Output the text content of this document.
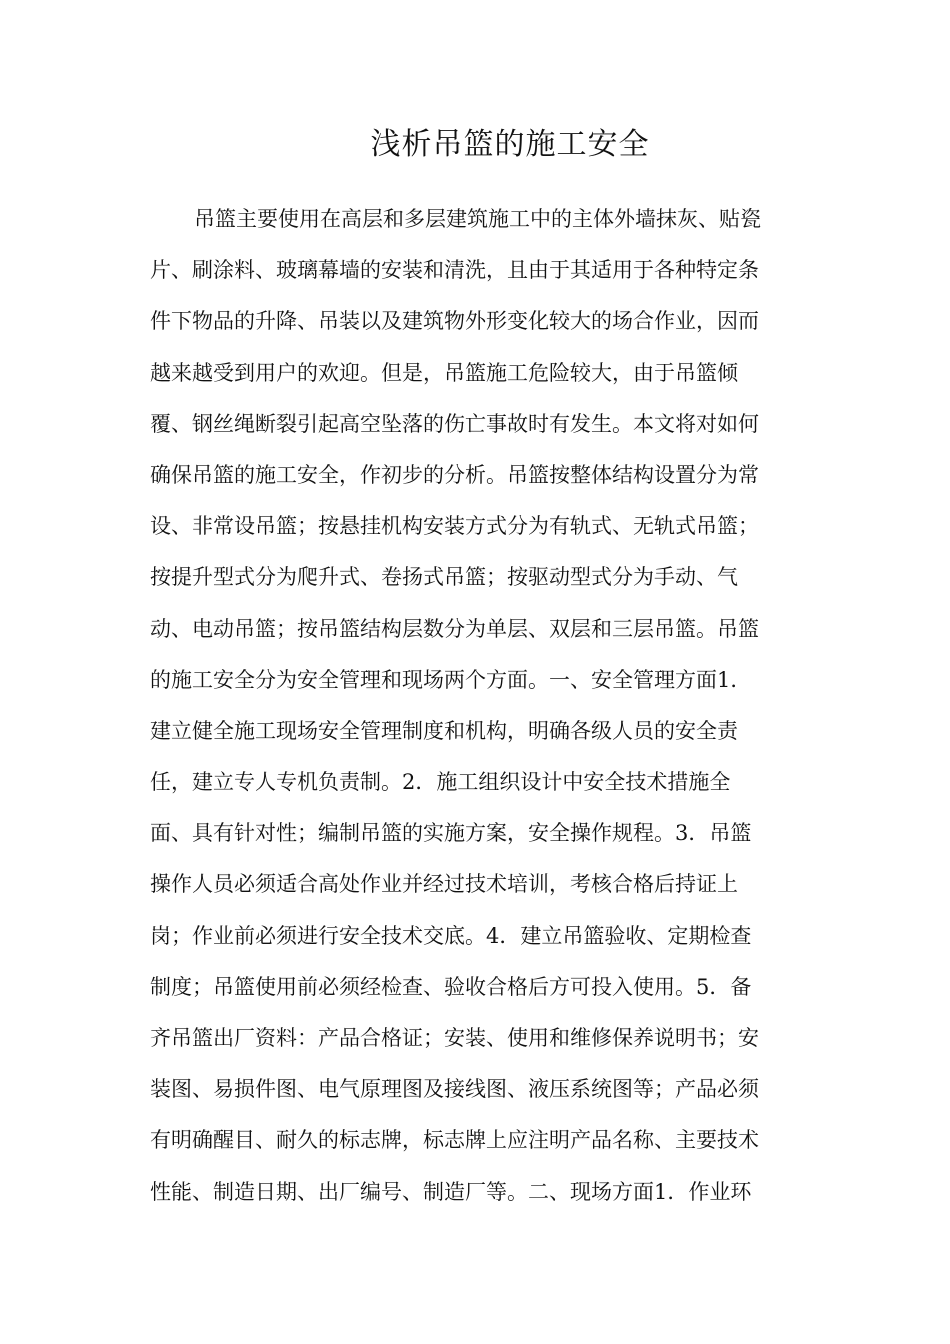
浅析吊篮的施工安全
吊篮主要使用在高层和多层建筑施工中的主体外墙抹灰、贴瓷
片、刷涂料、玻璃幕墙的安装和清洗，且由于其适用于各种特定条
件下物品的升降、吊装以及建筑物外形变化较大的场合作业，因而
越来越受到用户的欢迎。但是，吊篮施工危险较大，由于吊篮倾
覆、钢丝绳断裂引起高空坠落的伤亡事故时有发生。本文将对如何
确保吊篮的施工安全，作初步的分析。吊篮按整体结构设置分为常
设、非常设吊篮；按悬挂机构安装方式分为有轨式、无轨式吊篮；
按提升型式分为爬升式、卷扬式吊篮；按驱动型式分为手动、气
动、电动吊篮；按吊篮结构层数分为单层、双层和三层吊篮。吊篮
的施工安全分为安全管理和现场两个方面。一、安全管理方面1．
建立健全施工现场安全管理制度和机构，明确各级人员的安全责
任，建立专人专机负责制。2．施工组织设计中安全技术措施全
面、具有针对性；编制吊篮的实施方案，安全操作规程。3．吊篮
操作人员必须适合高处作业并经过技术培训，考核合格后持证上
岗；作业前必须进行安全技术交底。4．建立吊篮验收、定期检查
制度；吊篮使用前必须经检查、验收合格后方可投入使用。5．备
齐吊篮出厂资料：产品合格证；安装、使用和维修保养说明书；安
装图、易损件图、电气原理图及接线图、液压系统图等；产品必须
有明确醒目、耐久的标志牌，标志牌上应注明产品名称、主要技术
性能、制造日期、出厂编号、制造厂等。二、现场方面1．作业环
